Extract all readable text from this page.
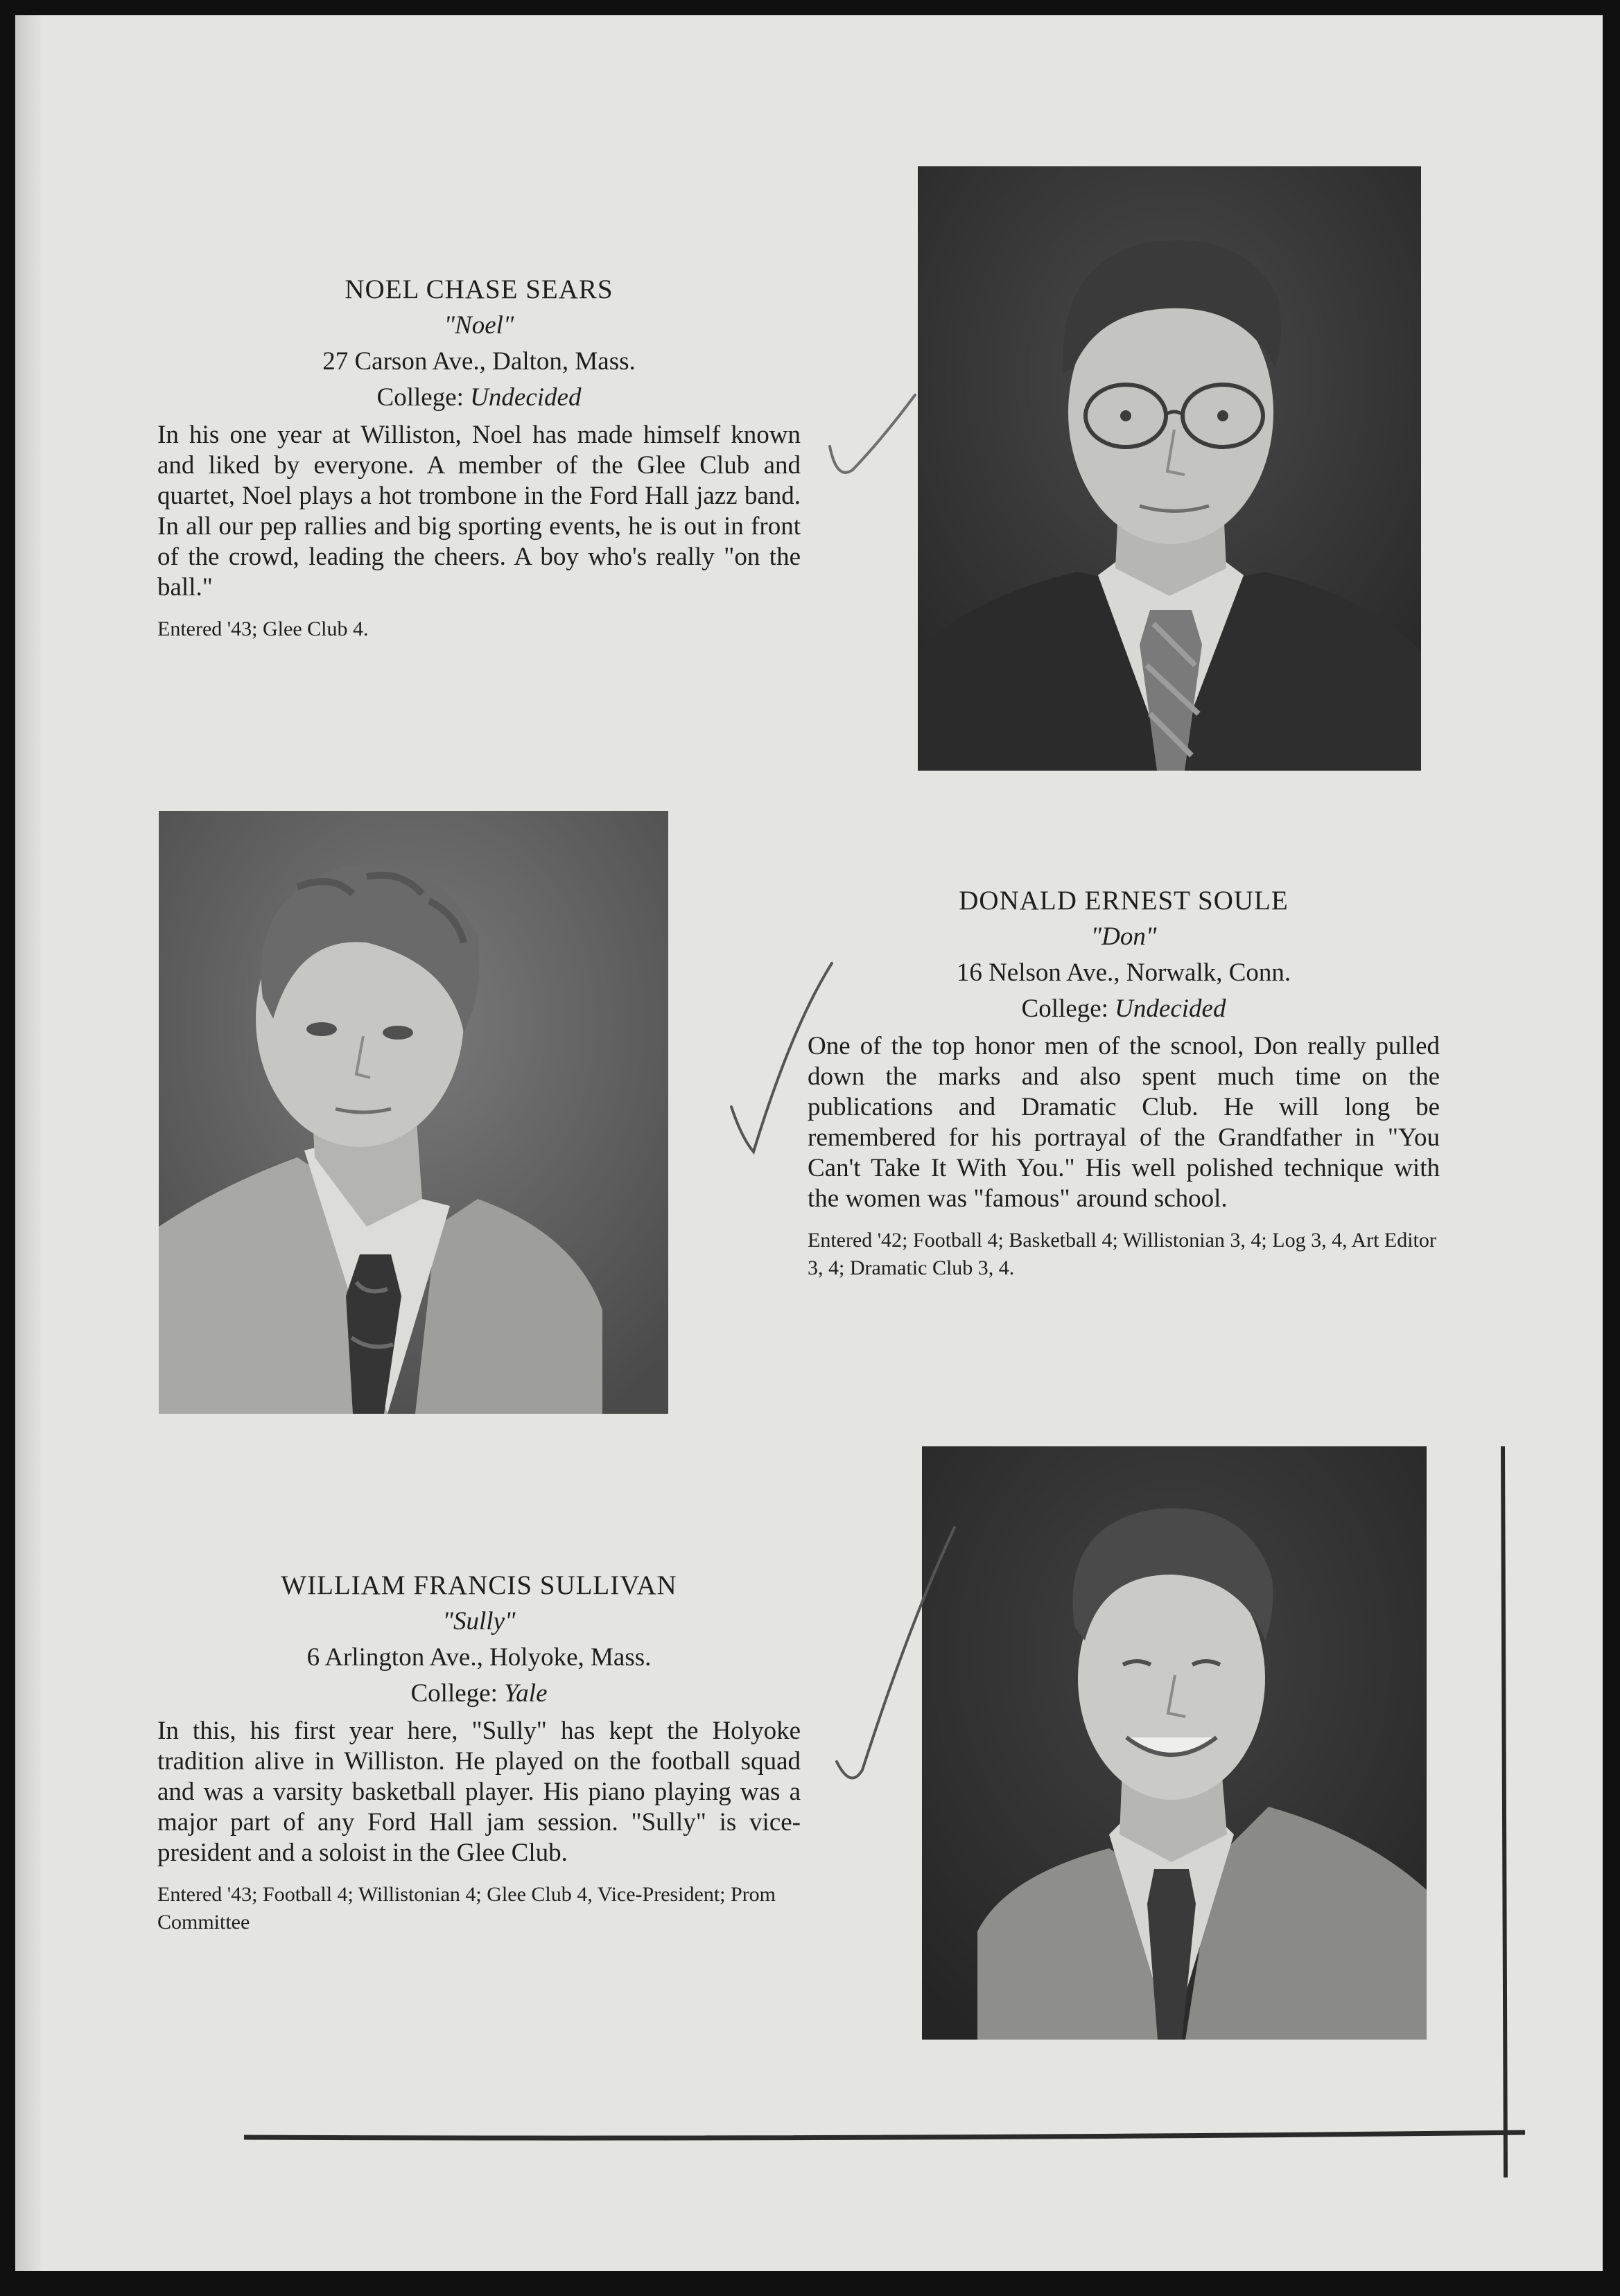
NOEL CHASE SEARS
"Noel"
27 Carson Ave., Dalton, Mass.
College: Undecided
In his one year at Williston, Noel has made himself known and liked by everyone. A member of the Glee Club and quartet, Noel plays a hot trombone in the Ford Hall jazz band. In all our pep rallies and big sporting events, he is out in front of the crowd, leading the cheers. A boy who's really "on the ball."
Entered '43; Glee Club 4.
DONALD ERNEST SOULE
"Don"
16 Nelson Ave., Norwalk, Conn.
College: Undecided
One of the top honor men of the scnool, Don really pulled down the marks and also spent much time on the publications and Dramatic Club. He will long be remembered for his portrayal of the Grandfather in "You Can't Take It With You." His well polished technique with the women was "famous" around school.
Entered '42; Football 4; Basketball 4; Willistonian 3, 4; Log 3, 4, Art Editor 3, 4; Dramatic Club 3, 4.
WILLIAM FRANCIS SULLIVAN
"Sully"
6 Arlington Ave., Holyoke, Mass.
College: Yale
In this, his first year here, "Sully" has kept the Holyoke tradition alive in Williston. He played on the football squad and was a varsity basketball player. His piano playing was a major part of any Ford Hall jam session. "Sully" is vice-president and a soloist in the Glee Club.
Entered '43; Football 4; Willistonian 4; Glee Club 4, Vice-President; Prom Committee
